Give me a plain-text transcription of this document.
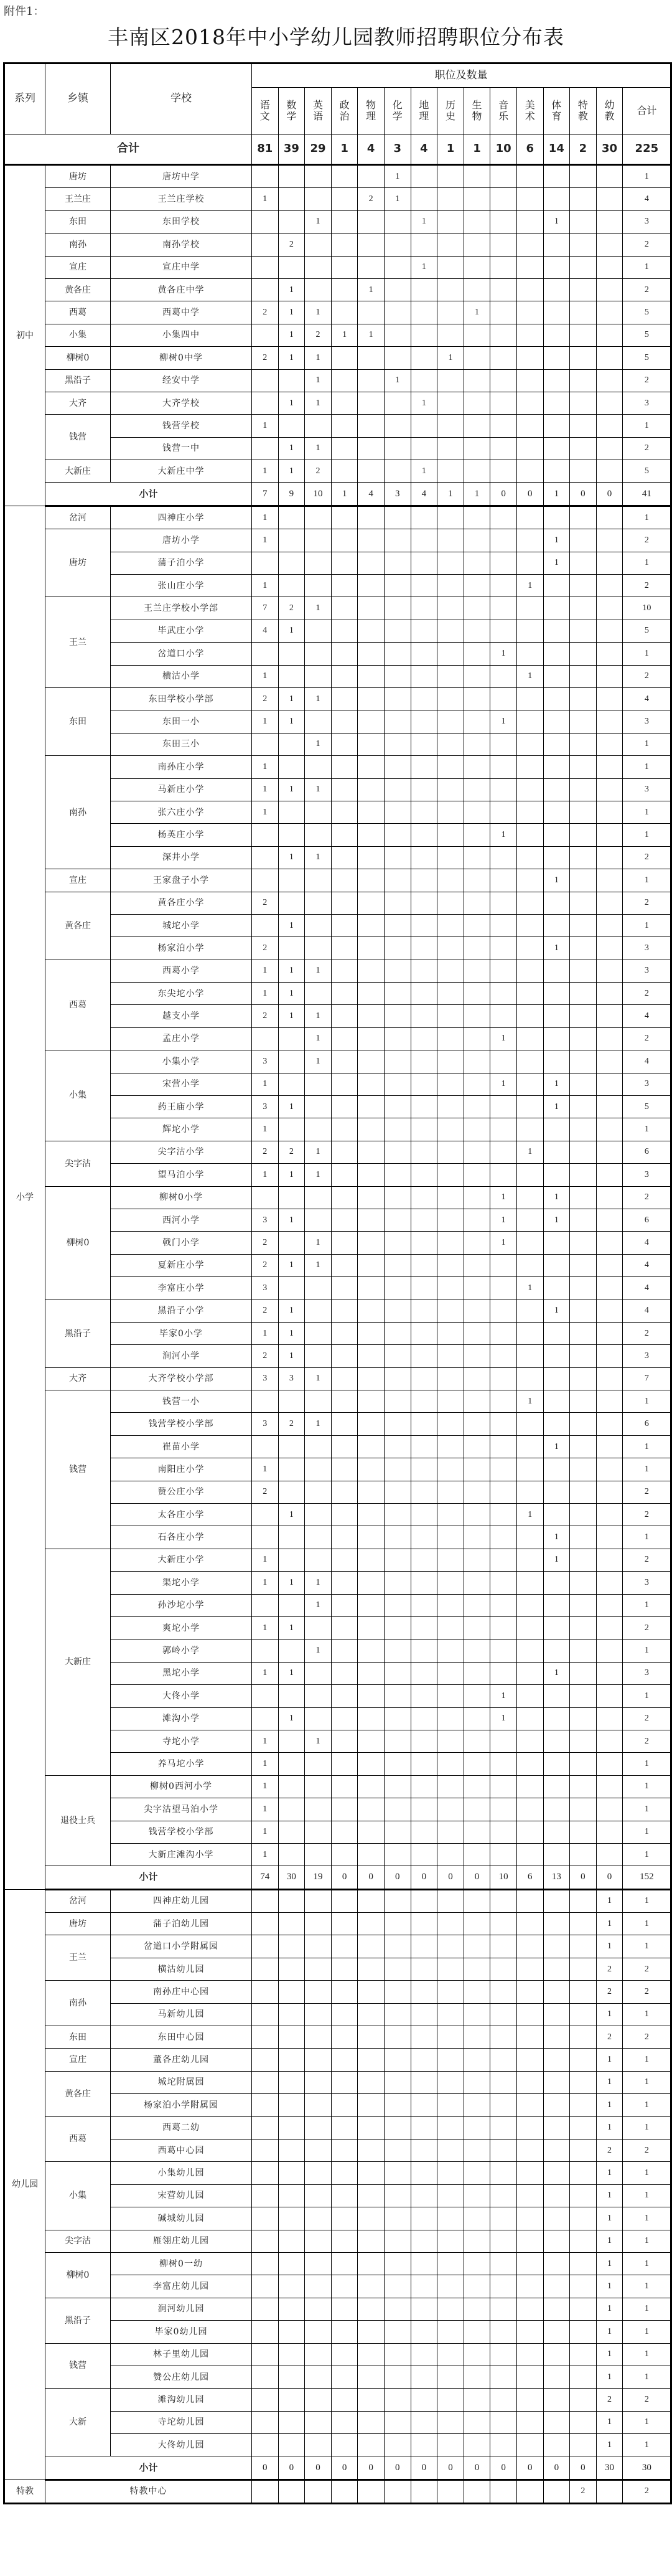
附件1：
丰南区2018年中小学幼儿园教师招聘职位分布表
系列	乡镇	学校	职位及数量														
			语文	数学	英语	政治	物理	化学	地理	历史	生物	音乐	美术	体育	特教	幼教	合计
合计			81	39	29	1	4	3	4	1	1	10	6	14	2	30	225
初中	唐坊	唐坊中学						1									1
	王兰庄	王兰庄学校	1				2	1									4
	东田	东田学校			1				1					1			3
	南孙	南孙学校		2													2
	宣庄	宣庄中学							1								1
	黄各庄	黄各庄中学		1			1										2
	西葛	西葛中学	2	1	1						1						5
	小集	小集四中		1	2	1	1										5
	柳树0	柳树0中学	2	1	1					1							5
	黑沿子	经安中学			1			1									2
	大齐	大齐学校		1	1				1								3
	钱营	钱营学校	1														1
		钱营一中		1	1												2
	大新庄	大新庄中学	1	1	2				1								5
	小计		7	9	10	1	4	3	4	1	1	0	0	1	0	0	41
小学	岔河	四神庄小学	1														1
	唐坊	唐坊小学	1											1			2
		蒲子泊小学												1			1
		张山庄小学	1										1				2
	王兰	王兰庄学校小学部	7	2	1												10
		毕武庄小学	4	1													5
		岔道口小学										1					1
		横沽小学	1										1				2
	东田	东田学校小学部	2	1	1												4
		东田一小	1	1								1					3
		东田三小			1												1
	南孙	南孙庄小学	1														1
		马新庄小学	1	1	1												3
		张六庄小学	1														1
		杨英庄小学										1					1
		深井小学		1	1												2
	宣庄	王家盘子小学												1			1
	黄各庄	黄各庄小学	2														2
		城坨小学		1													1
		杨家泊小学	2											1			3
	西葛	西葛小学	1	1	1												3
		东尖坨小学	1	1													2
		越支小学	2	1	1												4
		孟庄小学			1							1					2
	小集	小集小学	3		1												4
		宋营小学	1									1		1			3
		药王庙小学	3	1										1			5
		辉坨小学	1														1
	尖字沽	尖字沽小学	2	2	1								1				6
		望马泊小学	1	1	1												3
	柳树0	柳树0小学										1		1			2
		西河小学	3	1								1		1			6
		戟门小学	2		1							1					4
		夏新庄小学	2	1	1												4
		李富庄小学	3										1				4
	黑沿子	黑沿子小学	2	1										1			4
		毕家0小学	1	1													2
		涧河小学	2	1													3
	大齐	大齐学校小学部	3	3	1												7
	钱营	钱营一小											1				1
		钱营学校小学部	3	2	1												6
		崔苗小学												1			1
		南阳庄小学	1														1
		赞公庄小学	2														2
		太各庄小学		1									1				2
		石各庄小学												1			1
	大新庄	大新庄小学	1											1			2
		渠坨小学	1	1	1												3
		孙沙坨小学			1												1
		爽坨小学	1	1													2
		郭岭小学			1												1
		黑坨小学	1	1										1			3
		大佟小学										1					1
		滩沟小学		1								1					2
		寺坨小学	1		1												2
		养马坨小学	1														1
	退役士兵	柳树0西河小学	1														1
		尖字沽望马泊小学	1														1
		钱营学校小学部	1														1
		大新庄滩沟小学	1														1
	小计		74	30	19	0	0	0	0	0	0	10	6	13	0	0	152
幼儿园	岔河	四神庄幼儿园														1	1
	唐坊	蒲子泊幼儿园														1	1
	王兰	岔道口小学附属园														1	1
		横沽幼儿园														2	2
	南孙	南孙庄中心园														2	2
		马新幼儿园														1	1
	东田	东田中心园														2	2
	宣庄	董各庄幼儿园														1	1
	黄各庄	城坨附属园														1	1
		杨家泊小学附属园														1	1
	西葛	西葛二幼														1	1
		西葛中心园														2	2
	小集	小集幼儿园														1	1
		宋营幼儿园														1	1
		碱城幼儿园														1	1
	尖字沽	雁翎庄幼儿园														1	1
	柳树0	柳树0一幼														1	1
		李富庄幼儿园														1	1
	黑沿子	涧河幼儿园														1	1
		毕家0幼儿园														1	1
	钱营	林子里幼儿园														1	1
		赞公庄幼儿园														1	1
	大新	滩沟幼儿园														2	2
		寺坨幼儿园														1	1
		大佟幼儿园														1	1
	小计		0	0	0	0	0	0	0	0	0	0	0	0	0	30	30
特教	特教中心														2		2
